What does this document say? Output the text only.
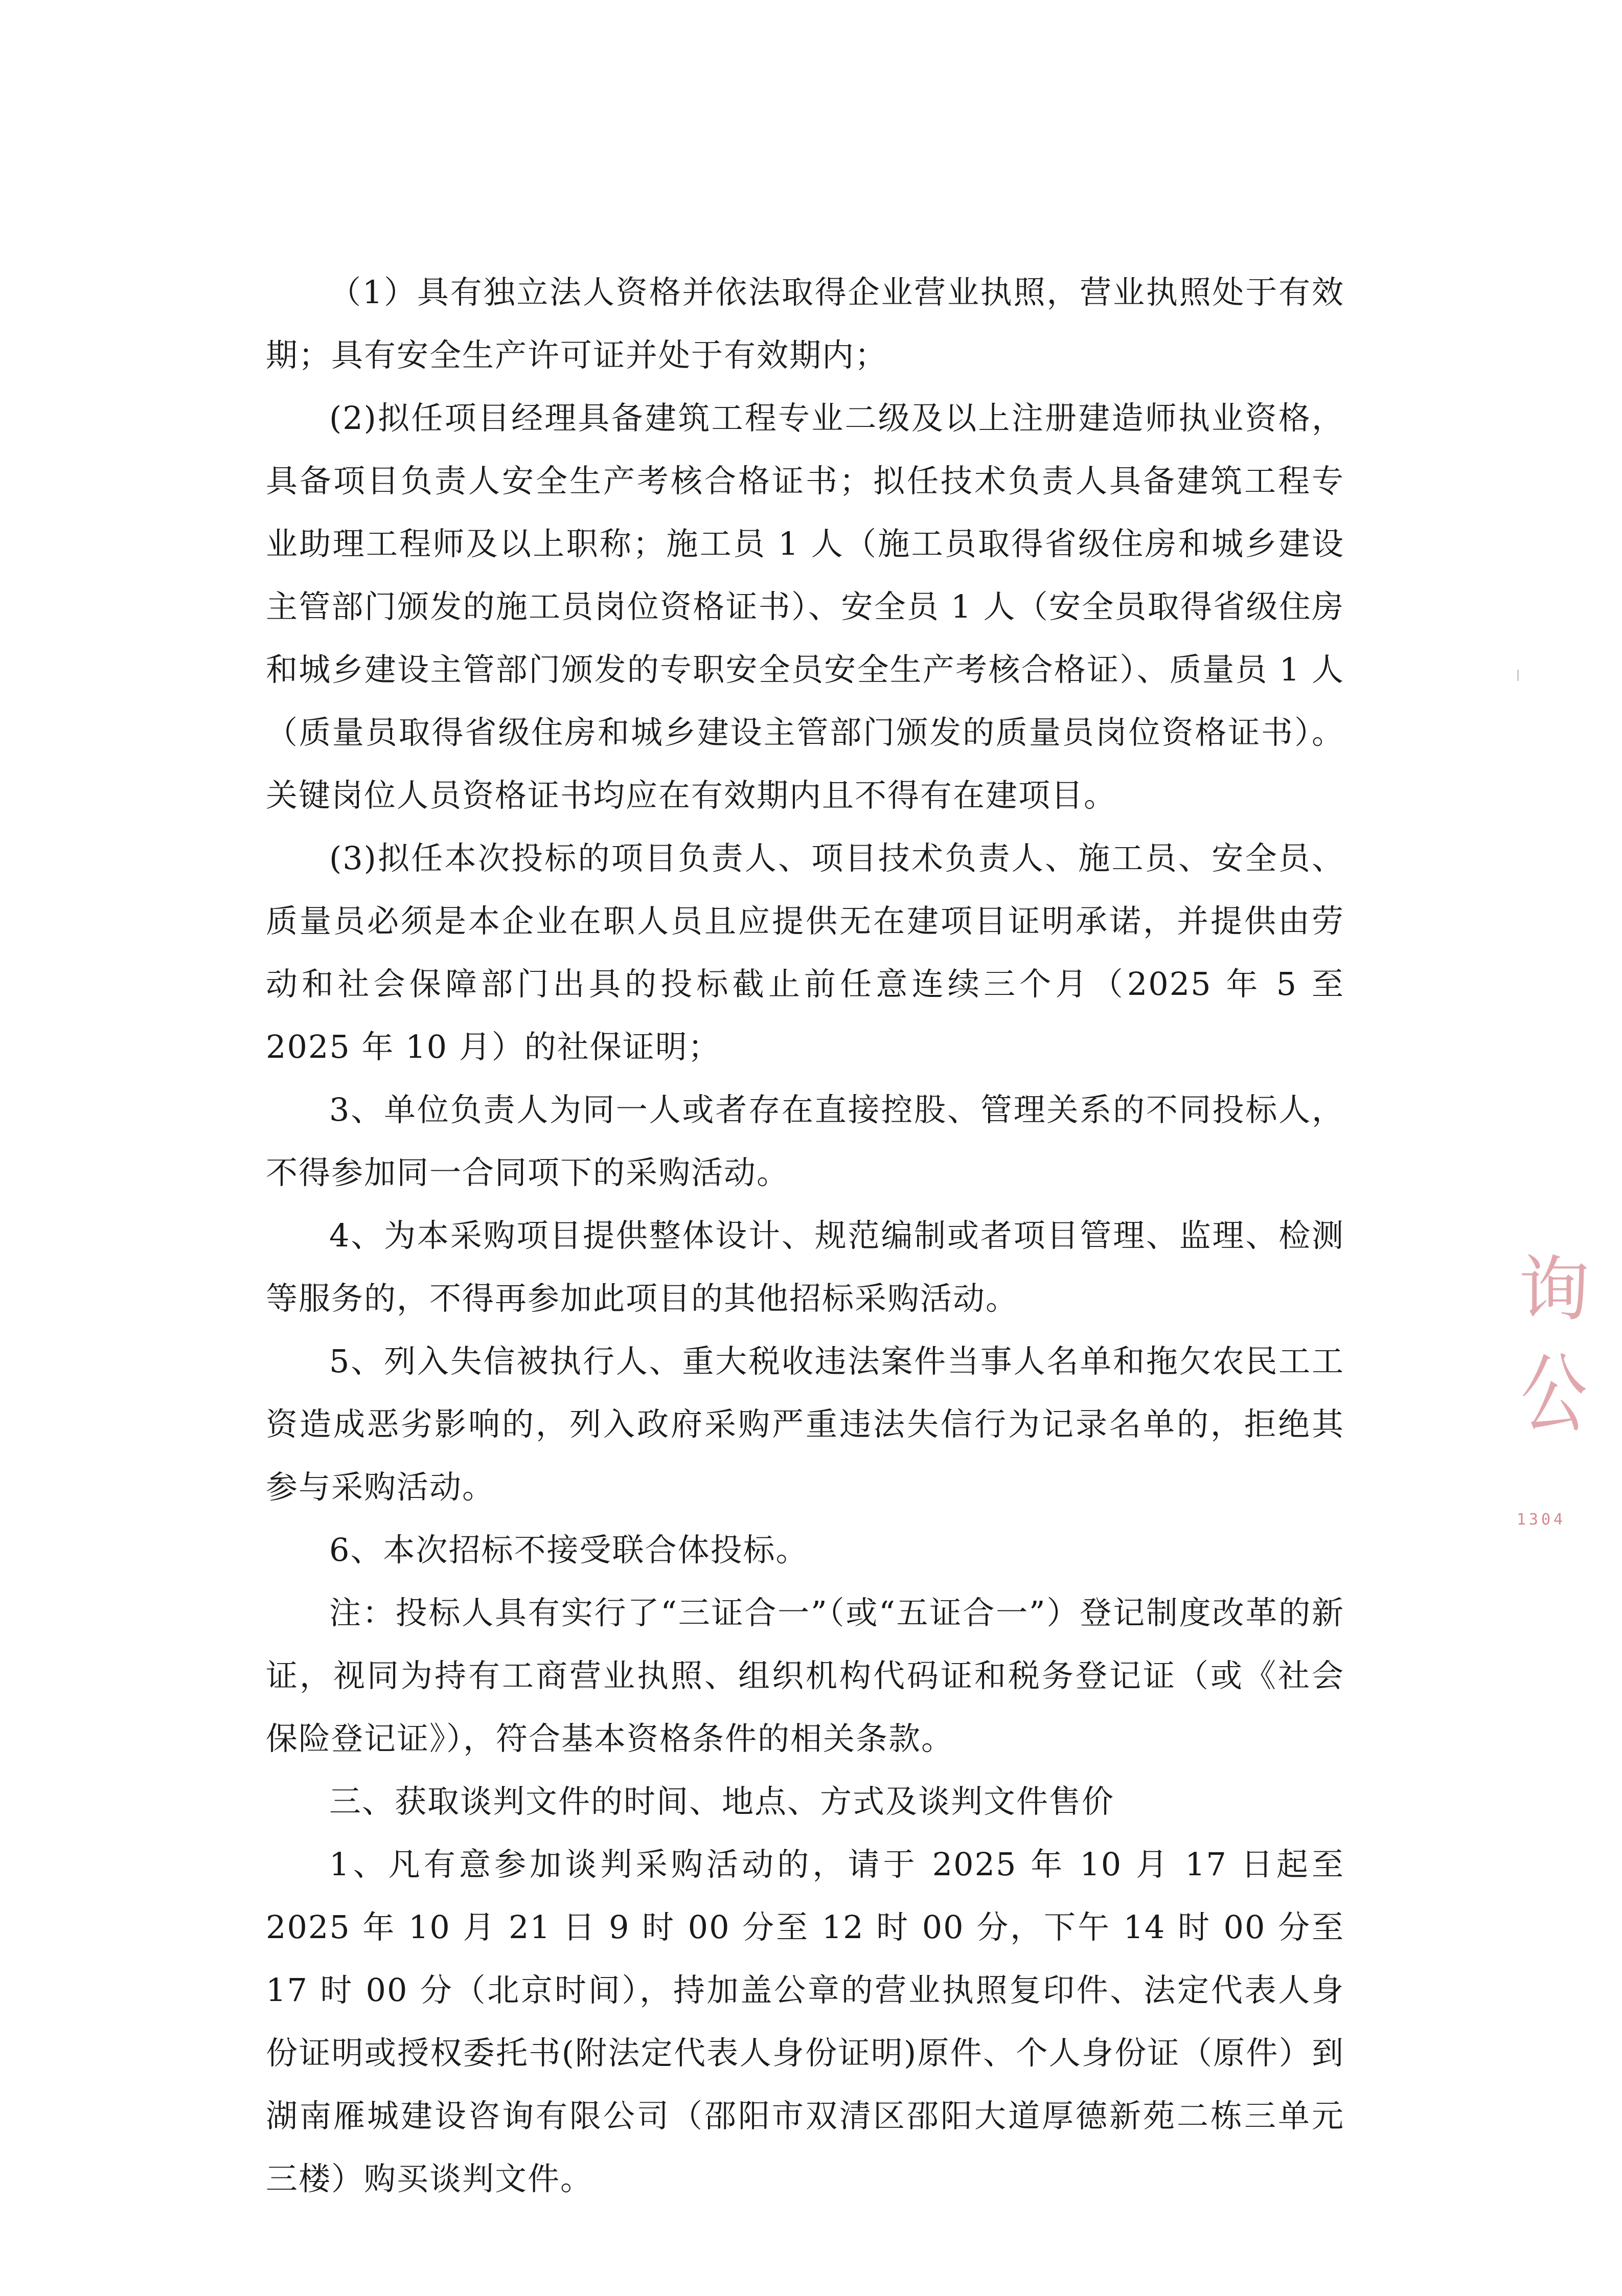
（1）具有独立法人资格并依法取得企业营业执照，营业执照处于有效期；具有安全生产许可证并处于有效期内；

(2)拟任项目经理具备建筑工程专业二级及以上注册建造师执业资格，具备项目负责人安全生产考核合格证书；拟任技术负责人具备建筑工程专业助理工程师及以上职称；施工员 1 人（施工员取得省级住房和城乡建设主管部门颁发的施工员岗位资格证书）、安全员 1 人（安全员取得省级住房和城乡建设主管部门颁发的专职安全员安全生产考核合格证）、质量员 1 人（质量员取得省级住房和城乡建设主管部门颁发的质量员岗位资格证书）。关键岗位人员资格证书均应在有效期内且不得有在建项目。

(3)拟任本次投标的项目负责人、项目技术负责人、施工员、安全员、质量员必须是本企业在职人员且应提供无在建项目证明承诺，并提供由劳动和社会保障部门出具的投标截止前任意连续三个月（2025 年 5 至 2025 年 10 月）的社保证明；

3、单位负责人为同一人或者存在直接控股、管理关系的不同投标人，不得参加同一合同项下的采购活动。

4、为本采购项目提供整体设计、规范编制或者项目管理、监理、检测等服务的，不得再参加此项目的其他招标采购活动。

5、列入失信被执行人、重大税收违法案件当事人名单和拖欠农民工工资造成恶劣影响的，列入政府采购严重违法失信行为记录名单的，拒绝其参与采购活动。

6、本次招标不接受联合体投标。

注：投标人具有实行了“三证合一”（或“五证合一”）登记制度改革的新证，视同为持有工商营业执照、组织机构代码证和税务登记证（或《社会保险登记证》），符合基本资格条件的相关条款。

三、获取谈判文件的时间、地点、方式及谈判文件售价

1、凡有意参加谈判采购活动的，请于 2025 年 10 月 17 日起至 2025 年 10 月 21 日 9 时 00 分至 12 时 00 分，下午 14 时 00 分至 17 时 00 分（北京时间），持加盖公章的营业执照复印件、法定代表人身份证明或授权委托书(附法定代表人身份证明)原件、个人身份证（原件）到湖南雁城建设咨询有限公司（邵阳市双清区邵阳大道厚德新苑二栋三单元三楼）购买谈判文件。

询
公
1304
